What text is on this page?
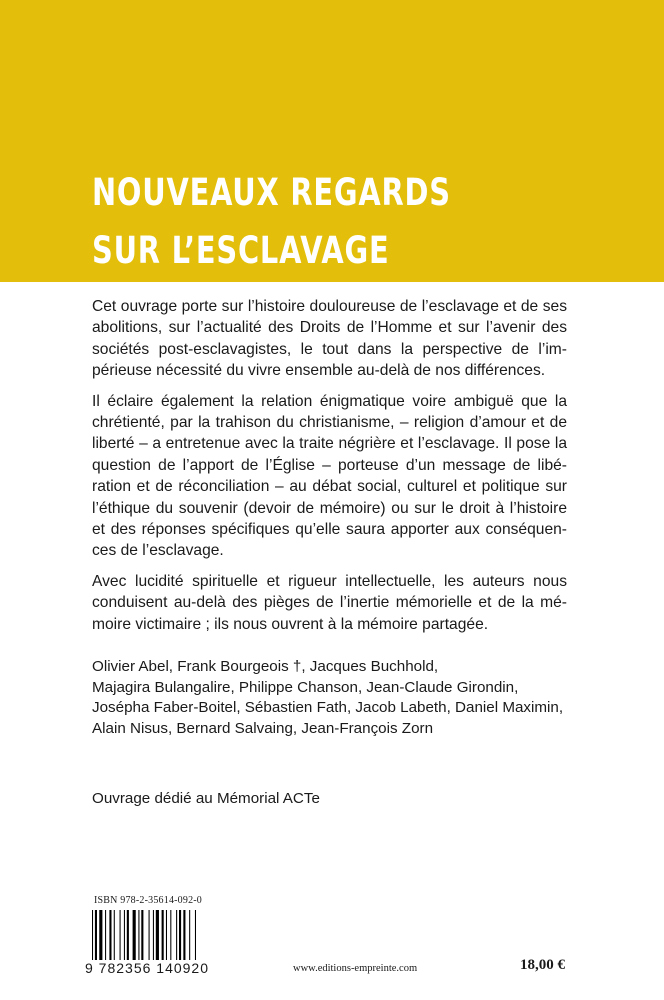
NOUVEAUX REGARDS
SUR L’ESCLAVAGE

Cet ouvrage porte sur l’histoire douloureuse de l’esclavage et de ses abolitions, sur l’actualité des Droits de l’Homme et sur l’avenir des sociétés post-esclavagistes, le tout dans la perspective de l’impérieuse nécessité du vivre ensemble au-delà de nos différences.

Il éclaire également la relation énigmatique voire ambiguë que la chrétienté, par la trahison du christianisme, – religion d’amour et de liberté – a entretenue avec la traite négrière et l’esclavage. Il pose la question de l’apport de l’Église – porteuse d’un message de libération et de réconciliation – au débat social, culturel et politique sur l’éthique du souvenir (devoir de mémoire) ou sur le droit à l’histoire et des réponses spécifiques qu’elle saura apporter aux conséquences de l’esclavage.

Avec lucidité spirituelle et rigueur intellectuelle, les auteurs nous conduisent au-delà des pièges de l’inertie mémorielle et de la mémoire victimaire ; ils nous ouvrent à la mémoire partagée.

Olivier Abel, Frank Bourgeois †, Jacques Buchhold,
Majagira Bulangalire, Philippe Chanson, Jean-Claude Girondin,
Josépha Faber-Boitel, Sébastien Fath, Jacob Labeth, Daniel Maximin,
Alain Nisus, Bernard Salvaing, Jean-François Zorn
Ouvrage dédié au Mémorial ACTe
ISBN 978-2-35614-092-0
9 782356 140920	www.editions-empreinte.com	18,00 €
